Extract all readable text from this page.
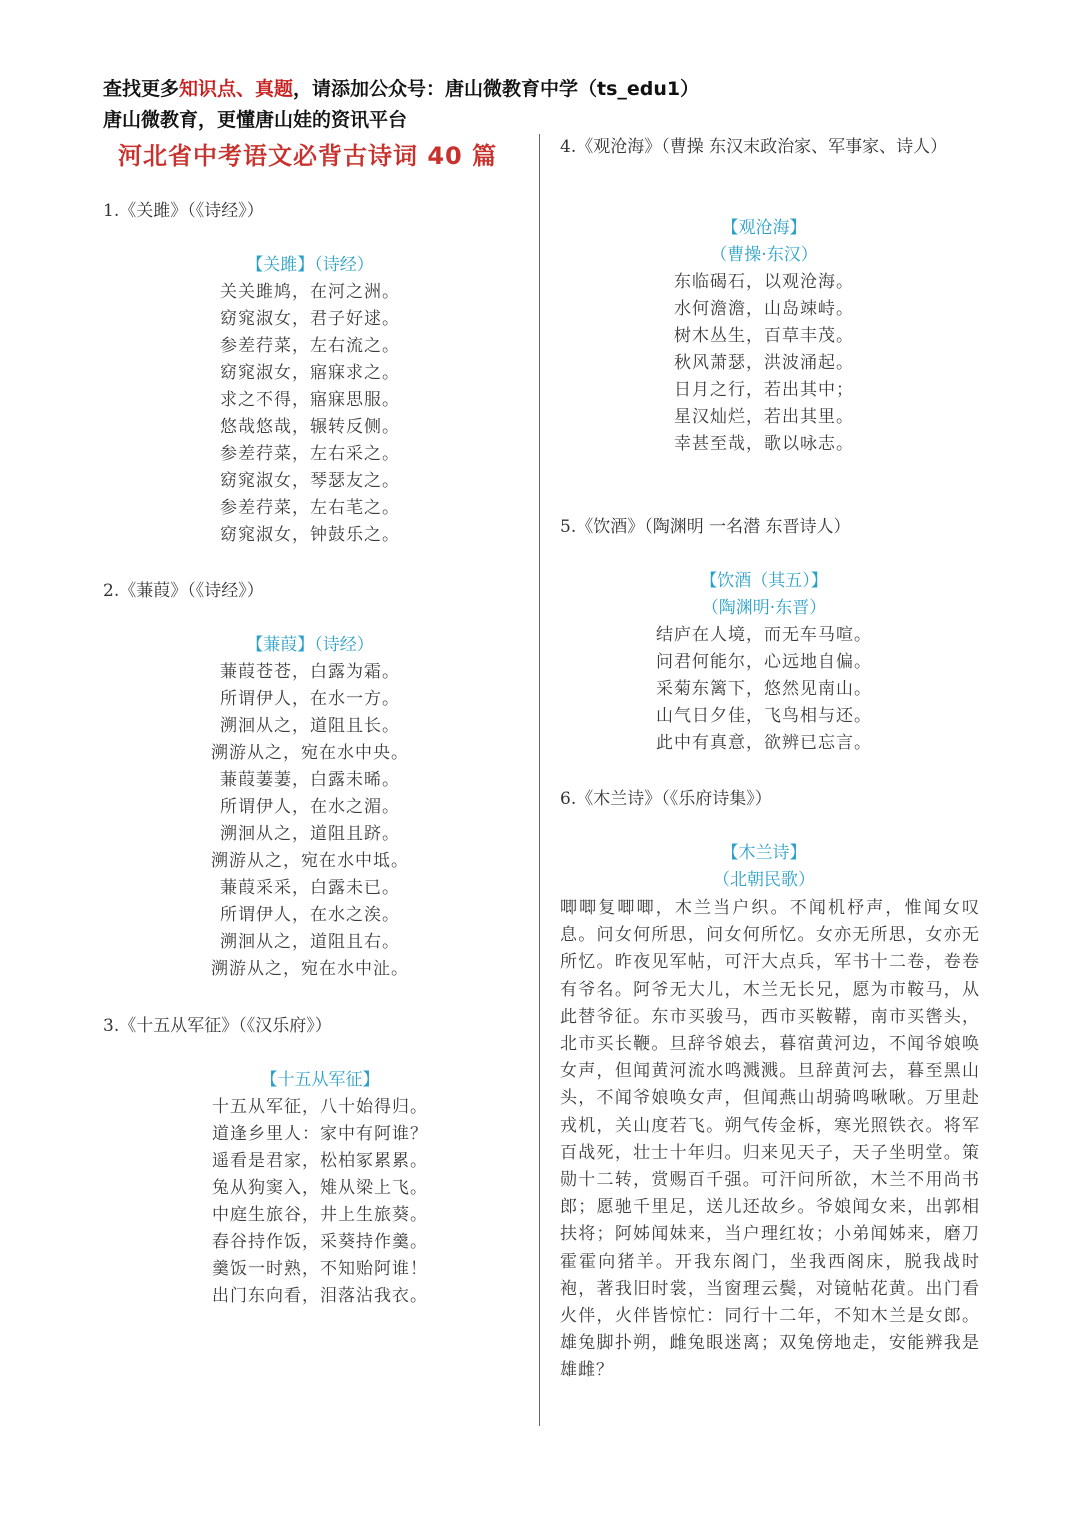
查找更多知识点、真题，请添加公众号：唐山微教育中学（ts_edu1）
唐山微教育，更懂唐山娃的资讯平台
河北省中考语文必背古诗词 40 篇
1.《关雎》（《诗经》）
【关雎】（诗经）
关关雎鸠，在河之洲。
窈窕淑女，君子好逑。
参差荇菜，左右流之。
窈窕淑女，寤寐求之。
求之不得，寤寐思服。
悠哉悠哉，辗转反侧。
参差荇菜，左右采之。
窈窕淑女，琴瑟友之。
参差荇菜，左右芼之。
窈窕淑女，钟鼓乐之。
2.《蒹葭》（《诗经》）
【蒹葭】（诗经）
蒹葭苍苍，白露为霜。
所谓伊人，在水一方。
溯洄从之，道阻且长。
溯游从之，宛在水中央。
蒹葭萋萋，白露未晞。
所谓伊人，在水之湄。
溯洄从之，道阻且跻。
溯游从之，宛在水中坻。
蒹葭采采，白露未已。
所谓伊人，在水之涘。
溯洄从之，道阻且右。
溯游从之，宛在水中沚。
3.《十五从军征》（《汉乐府》）
【十五从军征】
十五从军征，八十始得归。
道逢乡里人：家中有阿谁？
遥看是君家，松柏冢累累。
兔从狗窦入，雉从梁上飞。
中庭生旅谷，井上生旅葵。
舂谷持作饭，采葵持作羹。
羹饭一时熟，不知贻阿谁！
出门东向看，泪落沾我衣。
4.《观沧海》（曹操 东汉末政治家、军事家、诗人）
【观沧海】
（曹操·东汉）
东临碣石，以观沧海。
水何澹澹，山岛竦峙。
树木丛生，百草丰茂。
秋风萧瑟，洪波涌起。
日月之行，若出其中；
星汉灿烂，若出其里。
幸甚至哉，歌以咏志。
5.《饮酒》（陶渊明 一名潜 东晋诗人）
【饮酒（其五）】
（陶渊明·东晋）
结庐在人境，而无车马喧。
问君何能尔，心远地自偏。
采菊东篱下，悠然见南山。
山气日夕佳，飞鸟相与还。
此中有真意，欲辨已忘言。
6.《木兰诗》（《乐府诗集》）
【木兰诗】
（北朝民歌）
唧唧复唧唧，木兰当户织。不闻机杼声，惟闻女叹息。问女何所思，问女何所忆。女亦无所思，女亦无所忆。昨夜见军帖，可汗大点兵，军书十二卷，卷卷有爷名。阿爷无大儿，木兰无长兄，愿为市鞍马，从此替爷征。东市买骏马，西市买鞍鞯，南市买辔头，北市买长鞭。旦辞爷娘去，暮宿黄河边，不闻爷娘唤女声，但闻黄河流水鸣溅溅。旦辞黄河去，暮至黑山头，不闻爷娘唤女声，但闻燕山胡骑鸣啾啾。万里赴戎机，关山度若飞。朔气传金柝，寒光照铁衣。将军百战死，壮士十年归。归来见天子，天子坐明堂。策勋十二转，赏赐百千强。可汗问所欲，木兰不用尚书郎；愿驰千里足，送儿还故乡。爷娘闻女来，出郭相扶将；阿姊闻妹来，当户理红妆；小弟闻姊来，磨刀霍霍向猪羊。开我东阁门，坐我西阁床，脱我战时袍，著我旧时裳，当窗理云鬓，对镜帖花黄。出门看火伴，火伴皆惊忙：同行十二年，不知木兰是女郎。雄兔脚扑朔，雌兔眼迷离；双兔傍地走，安能辨我是雄雌？
